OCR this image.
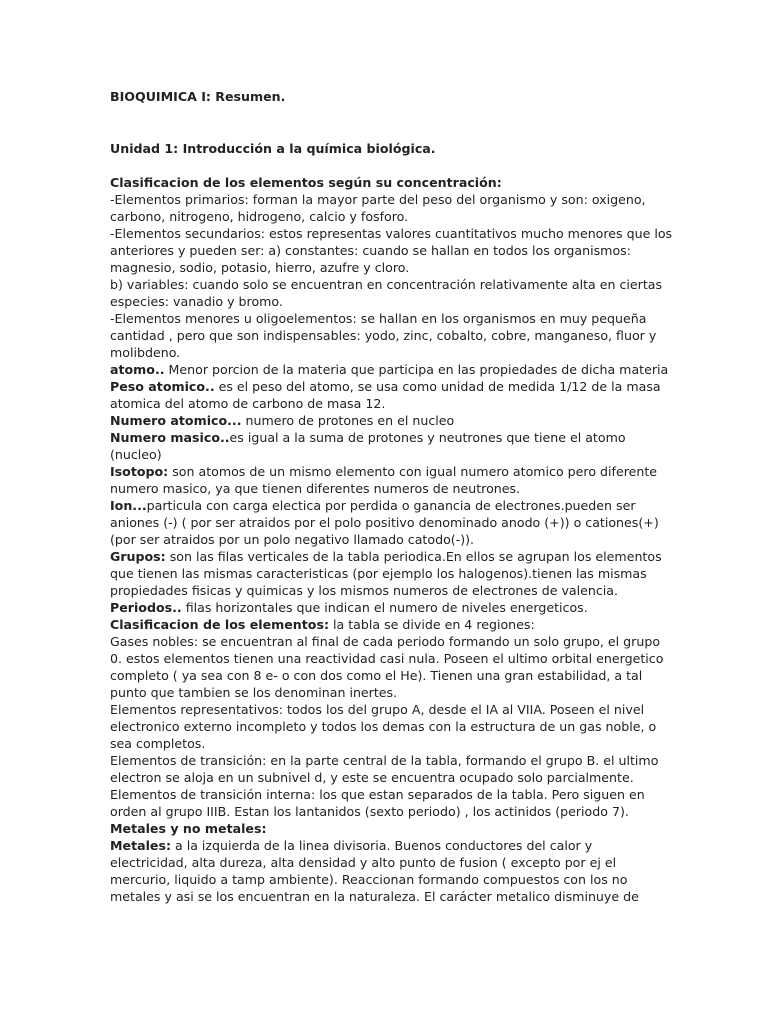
BIOQUIMICA I: Resumen.

Unidad 1: Introducción a la química biológica.

Clasificacion de los elementos según su concentración:
-Elementos primarios: forman la mayor parte del peso del organismo y son: oxigeno,
carbono, nitrogeno, hidrogeno, calcio y fosforo.
-Elementos secundarios: estos representas valores cuantitativos mucho menores que los
anteriores y pueden ser: a) constantes: cuando se hallan en todos los organismos:
magnesio, sodio, potasio, hierro, azufre y cloro.
b) variables: cuando solo se encuentran en concentración relativamente alta en ciertas
especies: vanadio y bromo.
-Elementos menores u oligoelementos: se hallan en los organismos en muy pequeña
cantidad , pero que son indispensables: yodo, zinc, cobalto, cobre, manganeso, fluor y
molibdeno.
atomo.. Menor porcion de la materia que participa en las propiedades de dicha materia
Peso atomico.. es el peso del atomo, se usa como unidad de medida 1/12 de la masa
atomica del atomo de carbono de masa 12.
Numero atomico... numero de protones en el nucleo
Numero masico..es igual a la suma de protones y neutrones que tiene el atomo
(nucleo)
Isotopo: son atomos de un mismo elemento con igual numero atomico pero diferente
numero masico, ya que tienen diferentes numeros de neutrones.
Ion...particula con carga electica por perdida o ganancia de electrones.pueden ser
aniones (-) ( por ser atraidos por el polo positivo denominado anodo (+)) o cationes(+)
(por ser atraidos por un polo negativo llamado catodo(-)).
Grupos: son las filas verticales de la tabla periodica.En ellos se agrupan los elementos
que tienen las mismas caracteristicas (por ejemplo los halogenos).tienen las mismas
propiedades fisicas y quimicas y los mismos numeros de electrones de valencia.
Periodos.. filas horizontales que indican el numero de niveles energeticos.
Clasificacion de los elementos: la tabla se divide en 4 regiones:
Gases nobles: se encuentran al final de cada periodo formando un solo grupo, el grupo
0. estos elementos tienen una reactividad casi nula. Poseen el ultimo orbital energetico
completo ( ya sea con 8 e- o con dos como el He). Tienen una gran estabilidad, a tal
punto que tambien se los denominan inertes.
Elementos representativos: todos los del grupo A, desde el IA al VIIA. Poseen el nivel
electronico externo incompleto y todos los demas con la estructura de un gas noble, o
sea completos.
Elementos de transición: en la parte central de la tabla, formando el grupo B. el ultimo
electron se aloja en un subnivel d, y este se encuentra ocupado solo parcialmente.
Elementos de transición interna: los que estan separados de la tabla. Pero siguen en
orden al grupo IIIB. Estan los lantanidos (sexto periodo) , los actinidos (periodo 7).
Metales y no metales:
Metales: a la izquierda de la linea divisoria. Buenos conductores del calor y
electricidad, alta dureza, alta densidad y alto punto de fusion ( excepto por ej el
mercurio, liquido a tamp ambiente). Reaccionan formando compuestos con los no
metales y asi se los encuentran en la naturaleza. El carácter metalico disminuye de
